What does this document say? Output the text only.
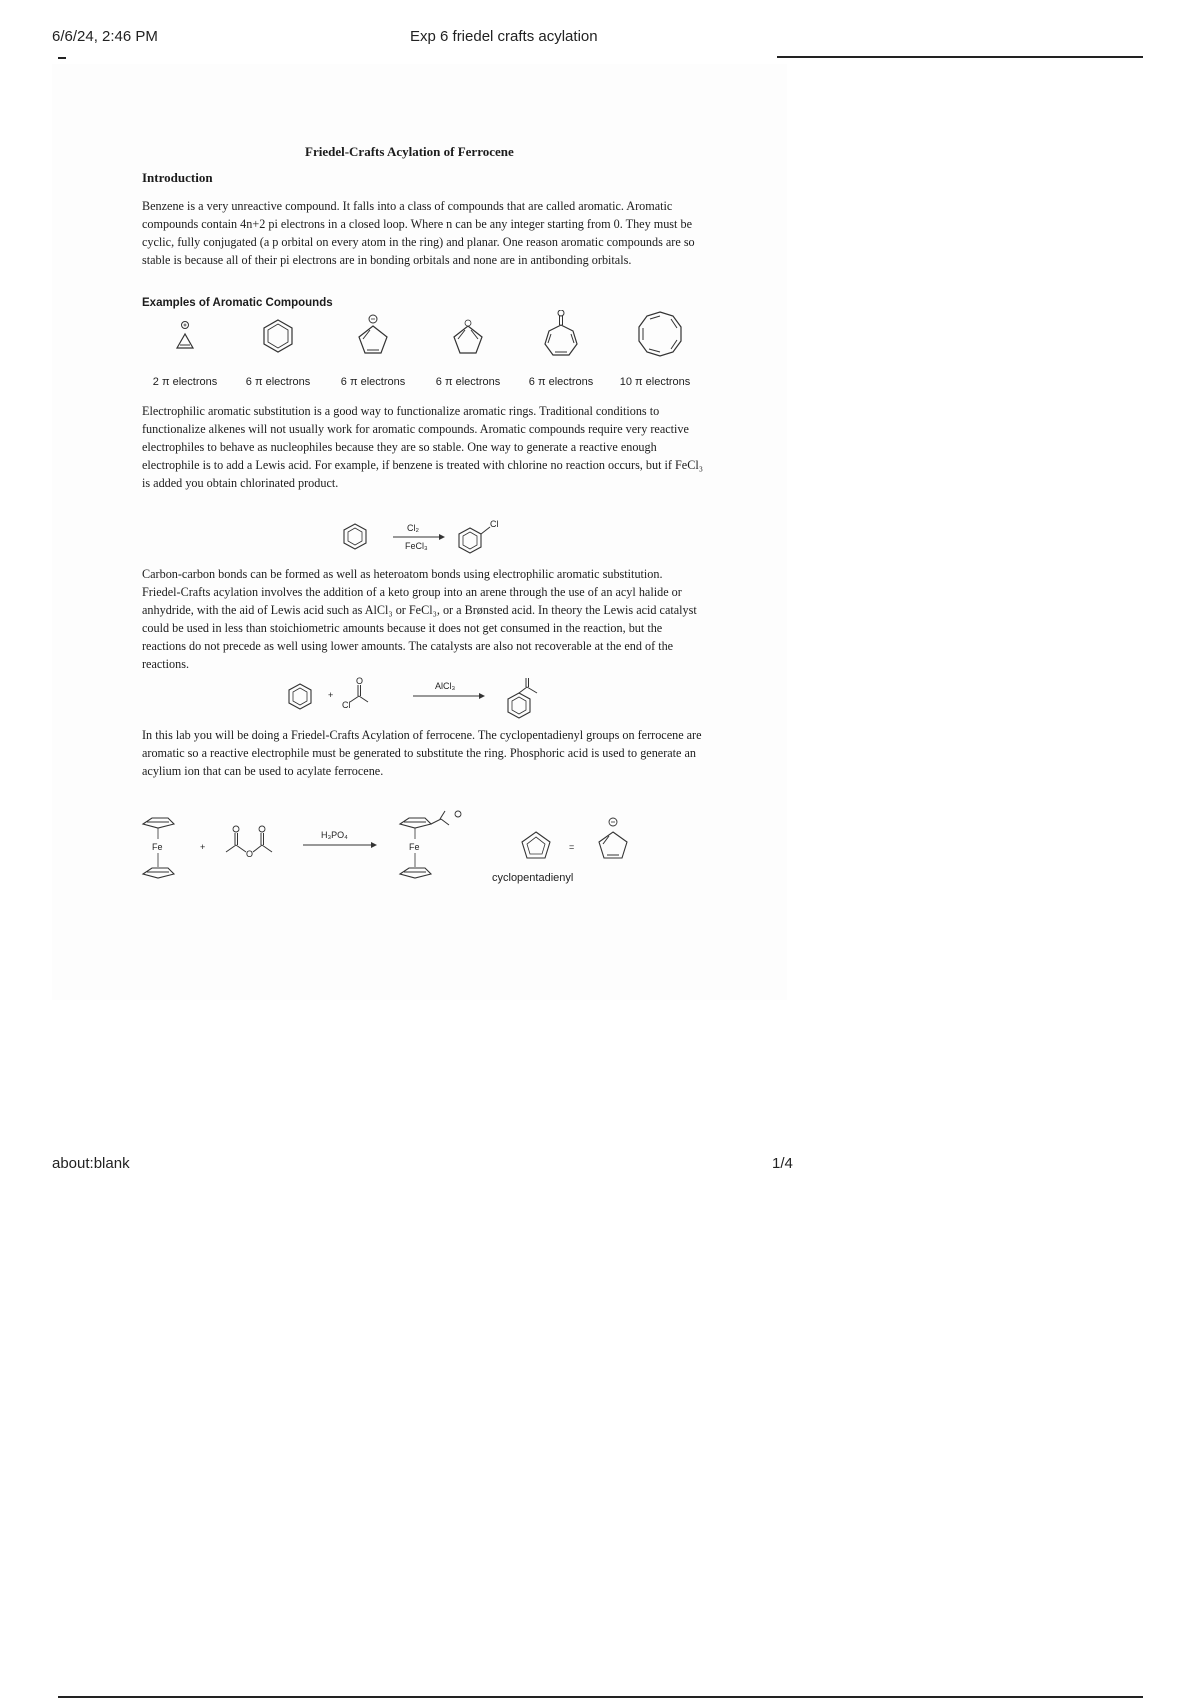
6/6/24, 2:46 PM	Exp 6 friedel crafts acylation
Friedel-Crafts Acylation of Ferrocene
Introduction
Benzene is a very unreactive compound. It falls into a class of compounds that are called aromatic. Aromatic compounds contain 4n+2 pi electrons in a closed loop. Where n can be any integer starting from 0. They must be cyclic, fully conjugated (a p orbital on every atom in the ring) and planar. One reason aromatic compounds are so stable is because all of their pi electrons are in bonding orbitals and none are in antibonding orbitals.
Examples of Aromatic Compounds
2 π electrons	6 π electrons	6 π electrons	6 π electrons	6 π electrons	10 π electrons
Electrophilic aromatic substitution is a good way to functionalize aromatic rings. Traditional conditions to functionalize alkenes will not usually work for aromatic compounds. Aromatic compounds require very reactive electrophiles to behave as nucleophiles because they are so stable. One way to generate a reactive enough electrophile is to add a Lewis acid. For example, if benzene is treated with chlorine no reaction occurs, but if FeCl₃ is added you obtain chlorinated product.
Cl₂
FeCl₃
Cl
Carbon-carbon bonds can be formed as well as heteroatom bonds using electrophilic aromatic substitution. Friedel-Crafts acylation involves the addition of a keto group into an arene through the use of an acyl halide or anhydride, with the aid of Lewis acid such as AlCl₃ or FeCl₃, or a Brønsted acid. In theory the Lewis acid catalyst could be used in less than stoichiometric amounts because it does not get consumed in the reaction, but the reactions do not precede as well using lower amounts. The catalysts are also not recoverable at the end of the reactions.
+
O
Cl
AlCl₃
In this lab you will be doing a Friedel-Crafts Acylation of ferrocene. The cyclopentadienyl groups on ferrocene are aromatic so a reactive electrophile must be generated to substitute the ring. Phosphoric acid is used to generate an acylium ion that can be used to acylate ferrocene.
Fe	+
O
H₃PO₄
Fe	=
cyclopentadienyl
about:blank	1/4
